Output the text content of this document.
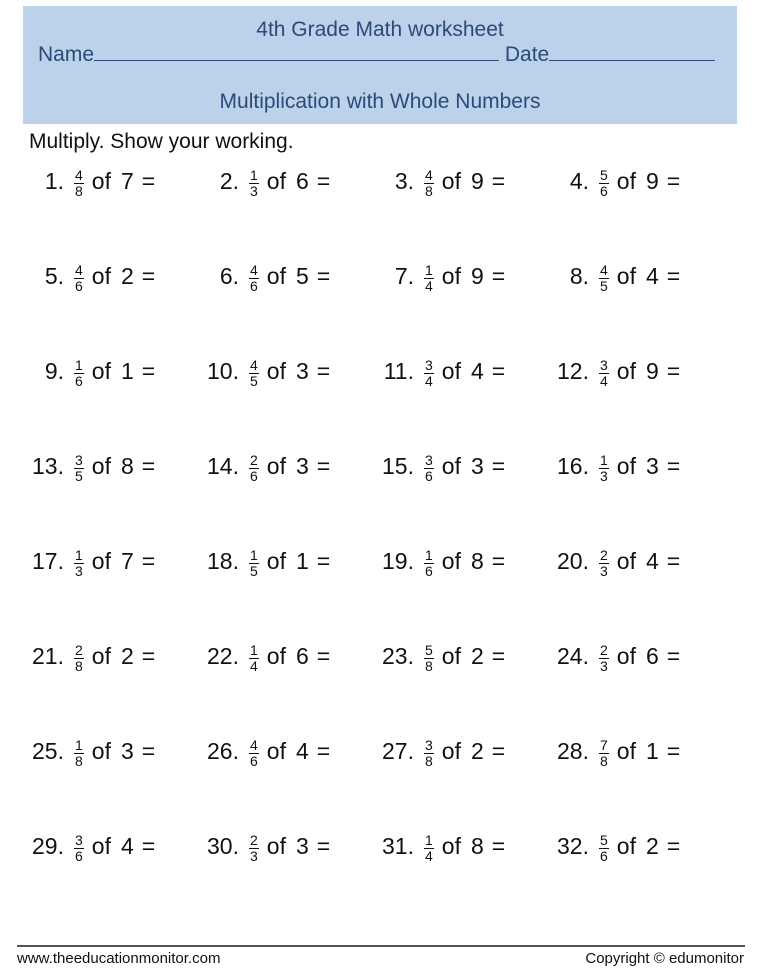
4th Grade Math worksheet
Name	Date
Multiplication with Whole Numbers
Multiply. Show your working.
1. $\frac{4}{8}$ of 7 =	2. $\frac{1}{3}$ of 6 =	3. $\frac{4}{8}$ of 9 =	4. $\frac{5}{6}$ of 9 =
5. $\frac{4}{6}$ of 2 =	6. $\frac{4}{6}$ of 5 =	7. $\frac{1}{4}$ of 9 =	8. $\frac{4}{5}$ of 4 =
9. $\frac{1}{6}$ of 1 = 10. $\frac{4}{5}$ of 3 = 11. $\frac{3}{4}$ of 4 = 12. $\frac{3}{4}$ of 9 =
13. $\frac{3}{5}$ of 8 = 14. $\frac{2}{6}$ of 3 = 15. $\frac{3}{6}$ of 3 = 16. $\frac{1}{3}$ of 3 =
17. $\frac{1}{3}$ of 7 = 18. $\frac{1}{5}$ of 1 = 19. $\frac{1}{6}$ of 8 = 20. $\frac{2}{3}$ of 4 =
21. $\frac{2}{8}$ of 2 = 22. $\frac{1}{4}$ of 6 = 23. $\frac{5}{8}$ of 2 = 24. $\frac{2}{3}$ of 6 =
25. $\frac{1}{8}$ of 3 = 26. $\frac{4}{6}$ of 4 = 27. $\frac{3}{8}$ of 2 = 28. $\frac{7}{8}$ of 1 =
29. $\frac{3}{6}$ of 4 = 30. $\frac{2}{3}$ of 3 = 31. $\frac{1}{4}$ of 8 = 32. $\frac{5}{6}$ of 2 =
www.theeducationmonitor.com	Copyright © edumonitor
